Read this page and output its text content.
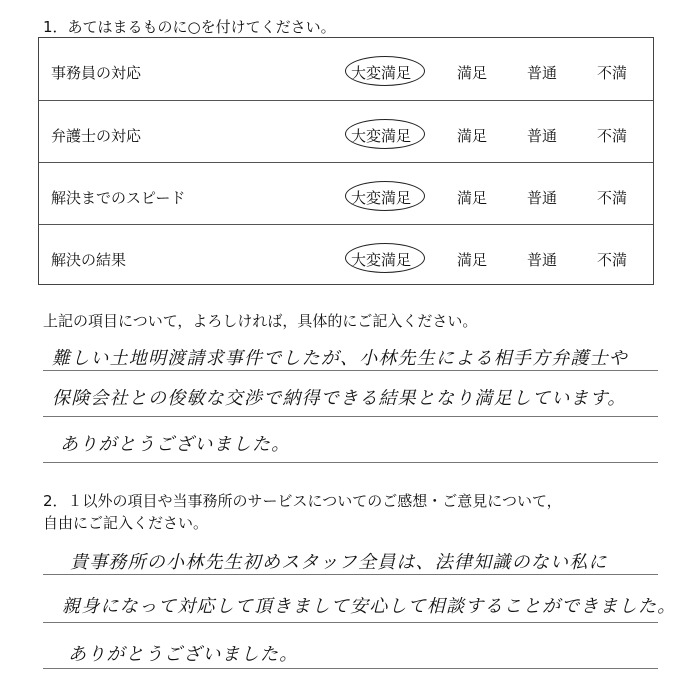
1．あてはまるものに○を付けてください。
事務員の対応	大変満足	満足	普通	不満
弁護士の対応	大変満足	満足	普通	不満
解決までのスピード	大変満足	満足	普通	不満
解決の結果	大変満足	満足	普通	不満
上記の項目について，よろしければ，具体的にご記入ください。
難しい土地明渡請求事件でしたが、小林先生による相手方弁護士や
保険会社との俊敏な交渉で納得できる結果となり満足しています。
ありがとうございました。
2．１以外の項目や当事務所のサービスについてのご感想・ご意見について，
自由にご記入ください。
貴事務所の小林先生初めスタッフ全員は、法律知識のない私に
親身になって対応して頂きまして安心して相談することができました。
ありがとうございました。
